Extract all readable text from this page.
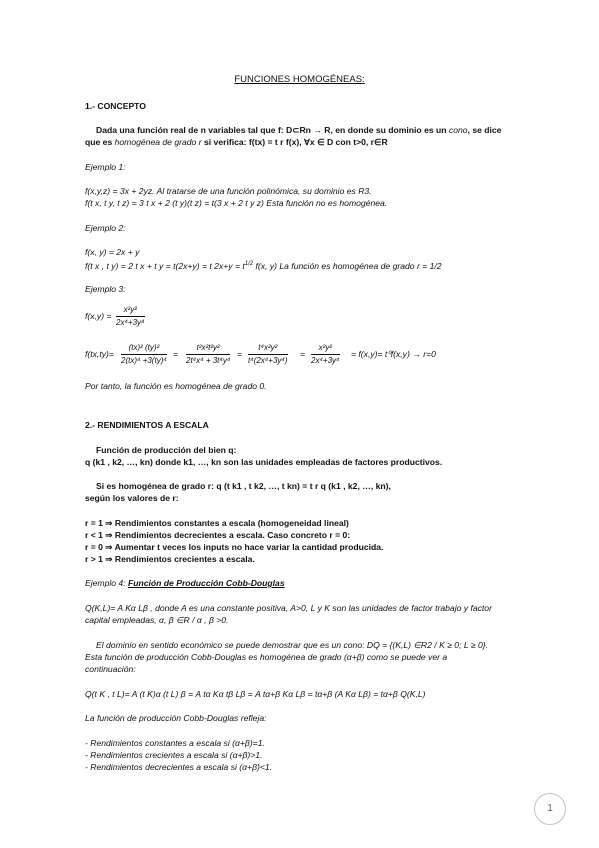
FUNCIONES HOMOGÉNEAS:
1.- CONCEPTO
Dada una función real de n variables tal que f: D⊂Rn → R, en donde su dominio es un cono, se dice
que es homogénea de grado r si verifica: f(tx) = t r f(x), ∀x ∈ D con t>0, r∈R
Ejemplo 1:
f(x,y,z) = 3x + 2yz. Al tratarse de una función polinómica, su dominio es R3.
f(t x, t y, t z) = 3 t x + 2 (t y)(t z) = t(3 x + 2 t y z) Esta función no es homogénea.
Ejemplo 2:
f(x, y) = 2x + y
f(t x , t y) = 2 t x + t y = t(2x+y) = t $2x+y = t^{1/2}$ f(x, y) La función es homogénea de grado r = 1/2
Ejemplo 3:
$f(x,y) = \frac{\text{x²y²}}{\text{2x⁴+3y⁴}}$
$f(tx,ty)= \frac{\text{(tx)² (ty)²}}{\text{2(tx)⁴ +3(ty)⁴}} = \frac{\text{t²x²t²y²}}{\text{2t⁴x⁴ + 3t⁴y⁴}} = \frac{\text{t⁴x²y²}}{\text{t⁴(2x⁴+3y⁴)}} = \frac{\text{x²y²}}{\text{2x⁴+3y⁴}} = f(x,y)= t^0f(x,y) \to r=0$
Por tanto, la función es homogénea de grado 0.
2.- RENDIMIENTOS A ESCALA
Función de producción del bien q:
q (k1 , k2, …, kn) donde k1, …, kn son las unidades empleadas de factores productivos.
Si es homogénea de grado r: q (t k1 , t k2, …, t kn) = t r q (k1 , k2, …, kn),
según los valores de r:
r = 1 ⇒ Rendimientos constantes a escala (homogeneidad lineal)
r < 1 ⇒ Rendimientos decrecientes a escala. Caso concreto r = 0:
r = 0 ⇒ Aumentar t veces los inputs no hace variar la cantidad producida.
r > 1 ⇒ Rendimientos crecientes a escala.
Ejemplo 4: Función de Producción Cobb-Douglas
Q(K,L)= A Kα Lβ , donde A es una constante positiva, A>0, L y K son las unidades de factor trabajo y factor
capital empleadas, α, β ∈R / α , β >0.
El dominio en sentido económico se puede demostrar que es un cono: DQ = {(K,L) ∈R2 / K ≥ 0; L ≥ 0}.
Esta función de producción Cobb-Douglas es homogénea de grado (α+β) como se puede ver a
continuación:
Q(t K , t L)= A (t K)α (t L) β = A tα Kα tβ Lβ = A tα+β Kα Lβ = tα+β (A Kα Lβ) = tα+β Q(K,L)
La función de producción Cobb-Douglas refleja:
- Rendimientos constantes a escala si (α+β)=1.
- Rendimientos crecientes a escala si (α+β)>1.
- Rendimientos decrecientes a escala si (α+β)<1.
1
